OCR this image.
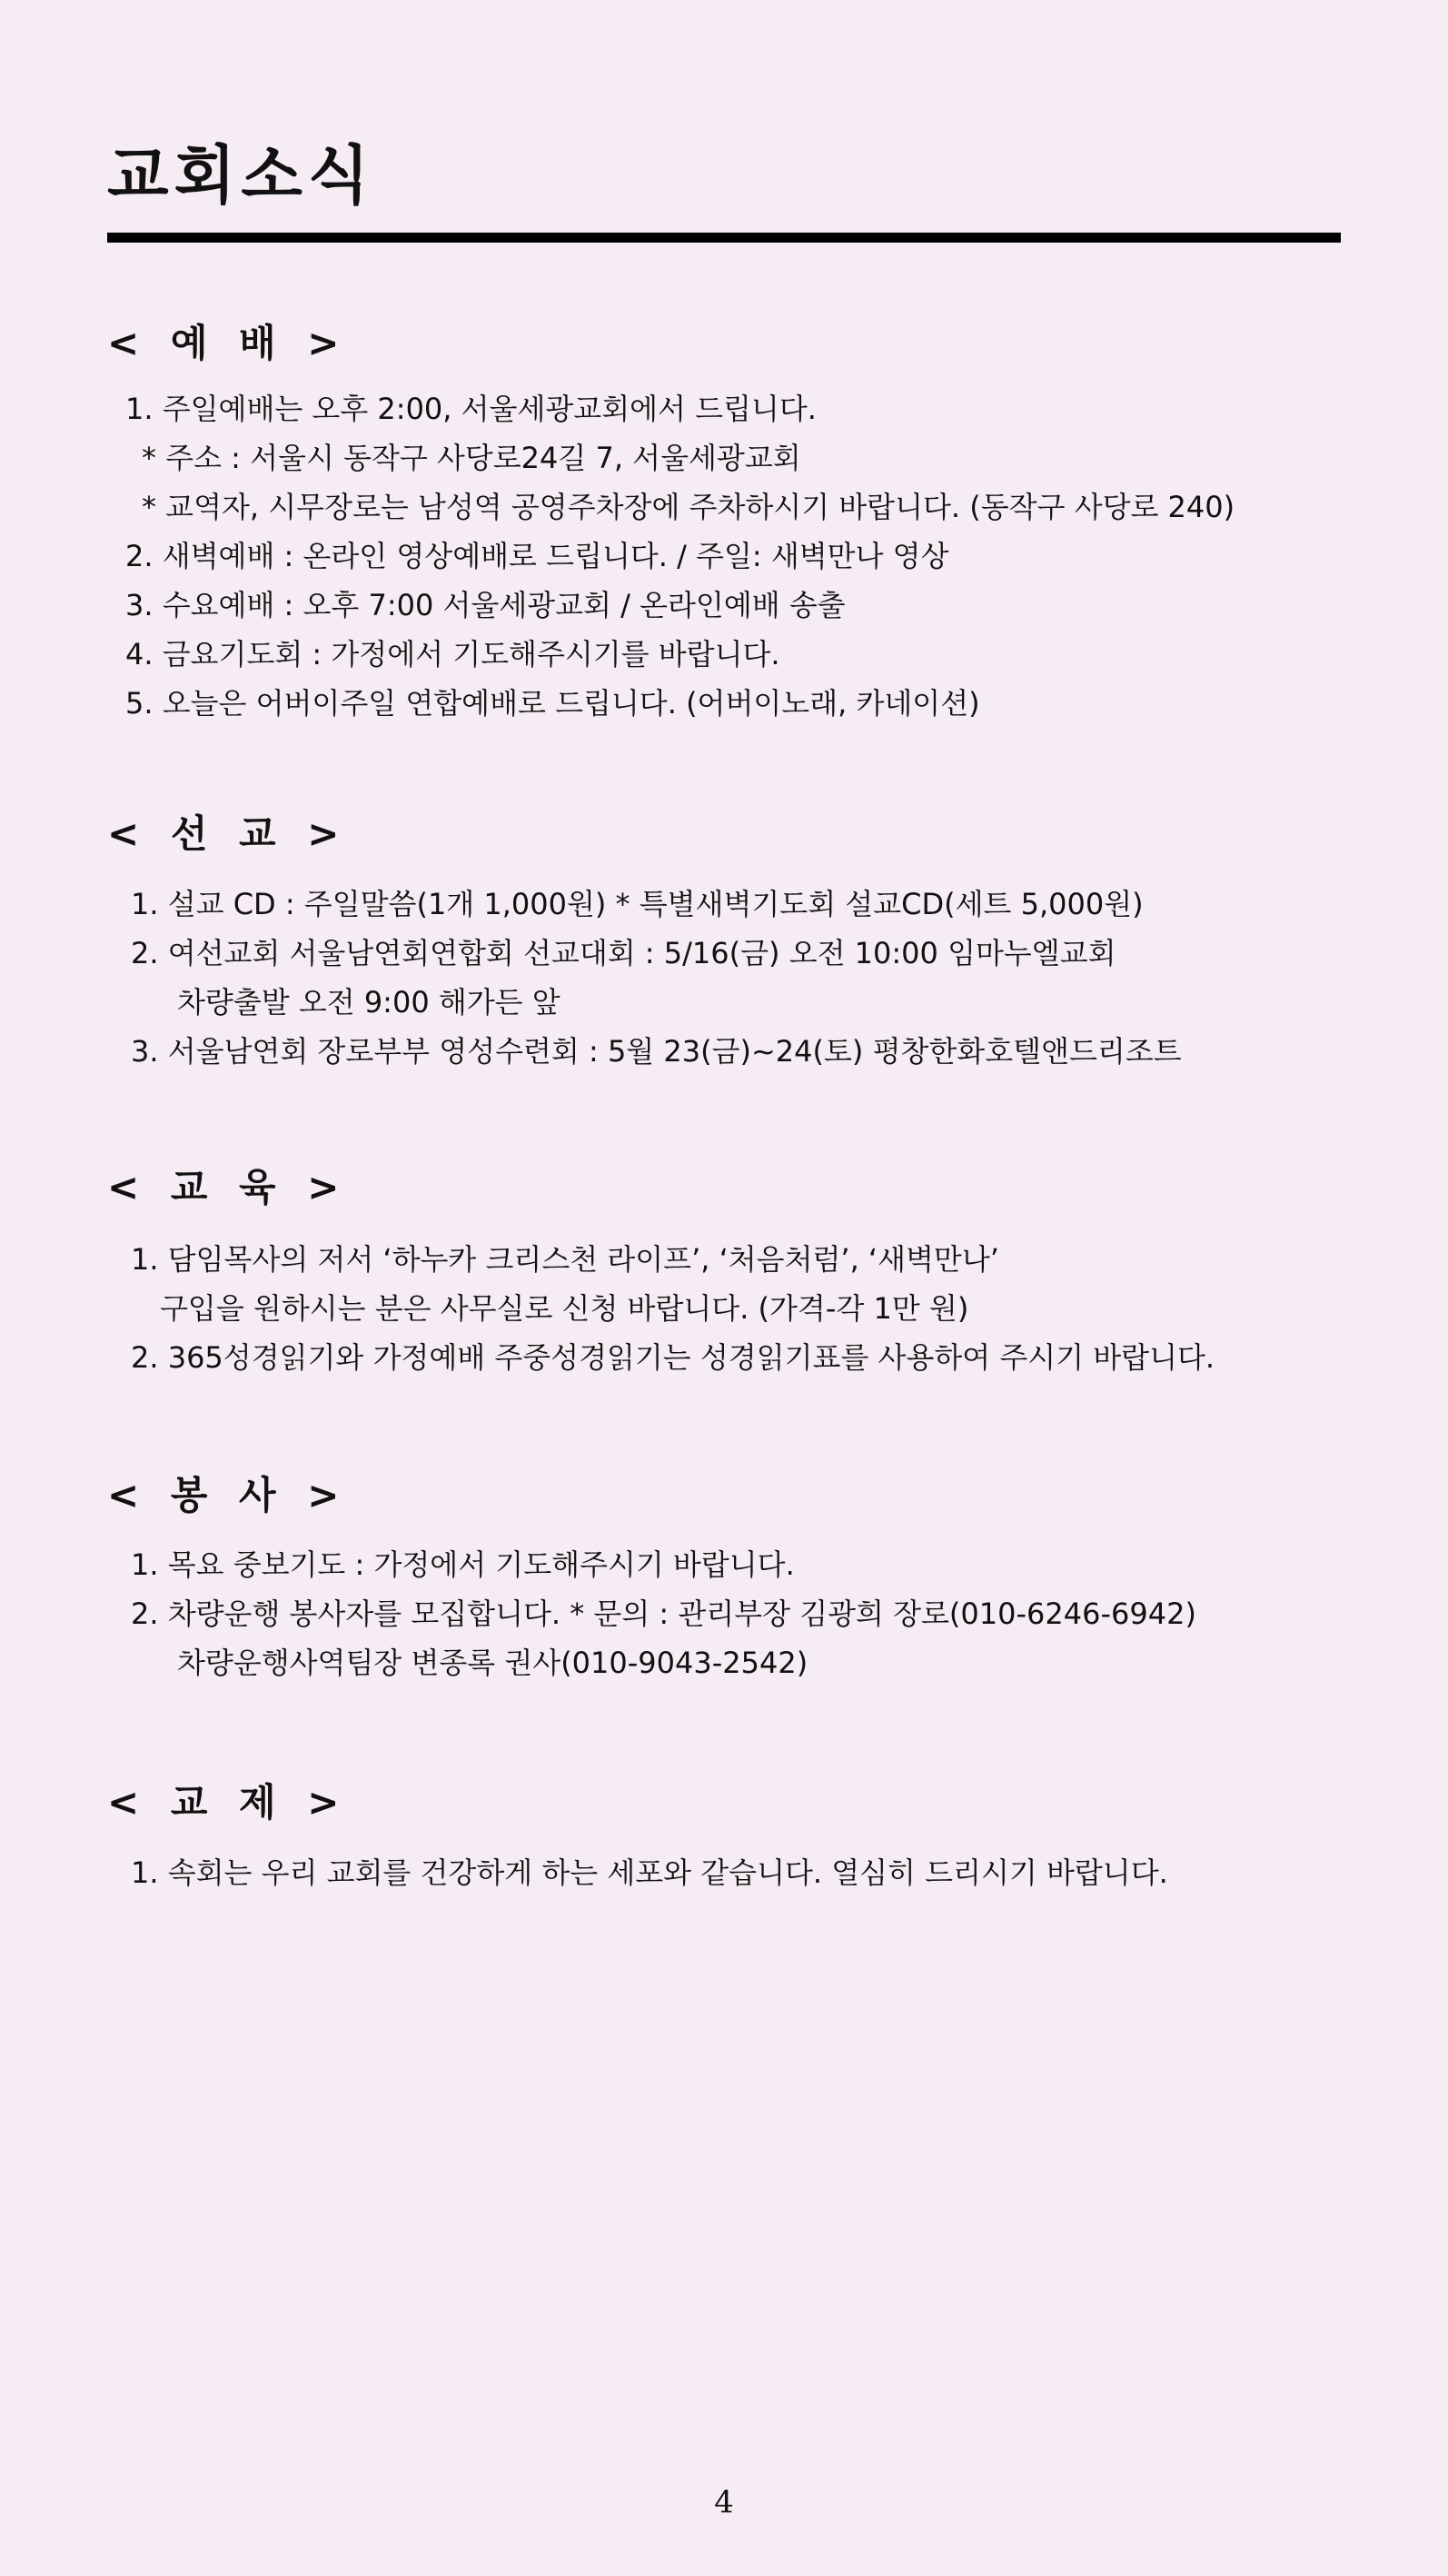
교회소식
< 예 배 >
1. 주일예배는 오후 2:00, 서울세광교회에서 드립니다.
* 주소 : 서울시 동작구 사당로24길 7, 서울세광교회
* 교역자, 시무장로는 남성역 공영주차장에 주차하시기 바랍니다. (동작구 사당로 240)
2. 새벽예배 : 온라인 영상예배로 드립니다. / 주일: 새벽만나 영상
3. 수요예배 : 오후 7:00 서울세광교회 / 온라인예배 송출
4. 금요기도회 : 가정에서 기도해주시기를 바랍니다.
5. 오늘은 어버이주일 연합예배로 드립니다. (어버이노래, 카네이션)
< 선 교 >
1. 설교 CD : 주일말씀(1개 1,000원) * 특별새벽기도회 설교CD(세트 5,000원)
2. 여선교회 서울남연회연합회 선교대회 : 5/16(금) 오전 10:00 임마누엘교회
차량출발 오전 9:00 해가든 앞
3. 서울남연회 장로부부 영성수련회 : 5월 23(금)~24(토) 평창한화호텔앤드리조트
< 교 육 >
1. 담임목사의 저서 ‘하누카 크리스천 라이프’, ‘처음처럼’, ‘새벽만나’
구입을 원하시는 분은 사무실로 신청 바랍니다. (가격-각 1만 원)
2. 365성경읽기와 가정예배 주중성경읽기는 성경읽기표를 사용하여 주시기 바랍니다.
< 봉 사 >
1. 목요 중보기도 : 가정에서 기도해주시기 바랍니다.
2. 차량운행 봉사자를 모집합니다. * 문의 : 관리부장 김광희 장로(010-6246-6942)
차량운행사역팀장 변종록 권사(010-9043-2542)
< 교 제 >
1. 속회는 우리 교회를 건강하게 하는 세포와 같습니다. 열심히 드리시기 바랍니다.
4
